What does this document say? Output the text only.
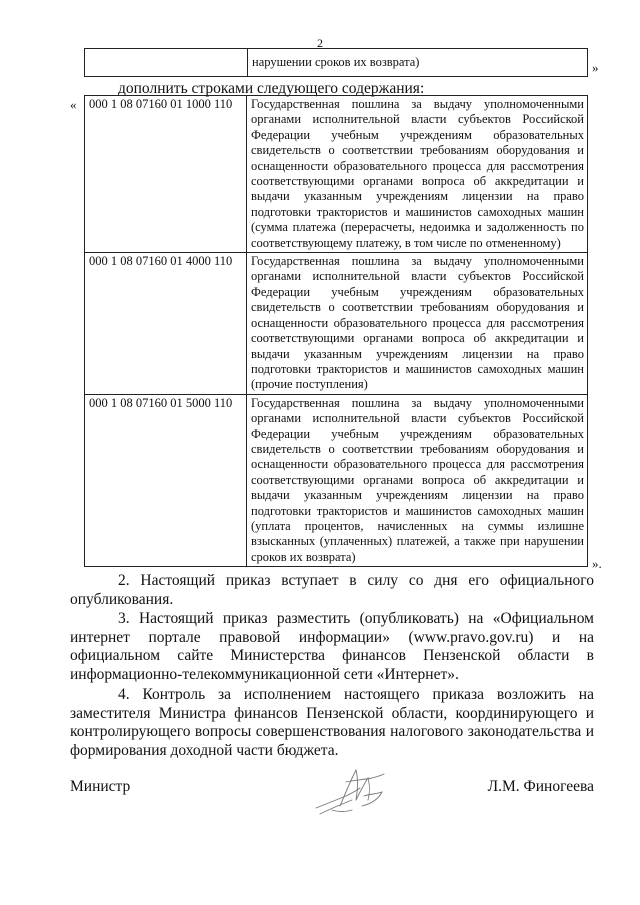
2
	нарушении сроков их возврата)	»
дополнить строками следующего содержания:
« 000 1 08 07160 01 1000 110	Государственная пошлина за выдачу уполномоченными органами исполнительной власти субъектов Российской Федерации учебным учреждениям образовательных свидетельств о соответствии требованиям оборудования и оснащенности образовательного процесса для рассмотрения соответствующими органами вопроса об аккредитации и выдачи указанным учреждениям лицензии на право подготовки трактористов и машинистов самоходных машин (сумма платежа (перерасчеты, недоимка и задолженность по соответствующему платежу, в том числе по отмененному)
000 1 08 07160 01 4000 110	Государственная пошлина за выдачу уполномоченными органами исполнительной власти субъектов Российской Федерации учебным учреждениям образовательных свидетельств о соответствии требованиям оборудования и оснащенности образовательного процесса для рассмотрения соответствующими органами вопроса об аккредитации и выдачи указанным учреждениям лицензии на право подготовки трактористов и машинистов самоходных машин (прочие поступления)
000 1 08 07160 01 5000 110	Государственная пошлина за выдачу уполномоченными органами исполнительной власти субъектов Российской Федерации учебным учреждениям образовательных свидетельств о соответствии требованиям оборудования и оснащенности образовательного процесса для рассмотрения соответствующими органами вопроса об аккредитации и выдачи указанным учреждениям лицензии на право подготовки трактористов и машинистов самоходных машин (уплата процентов, начисленных на суммы излишне взысканных (уплаченных) платежей, а также при нарушении сроков их возврата)	».

2. Настоящий приказ вступает в силу со дня его официального опубликования.

3. Настоящий приказ разместить (опубликовать) на «Официальном интернет портале правовой информации» (www.pravo.gov.ru) и на официальном сайте Министерства финансов Пензенской области в информационно-телекоммуникационной сети «Интернет».

4. Контроль за исполнением настоящего приказа возложить на заместителя Министра финансов Пензенской области, координирующего и контролирующего вопросы совершенствования налогового законодательства и формирования доходной части бюджета.

Министр	Л.М. Финогеева
